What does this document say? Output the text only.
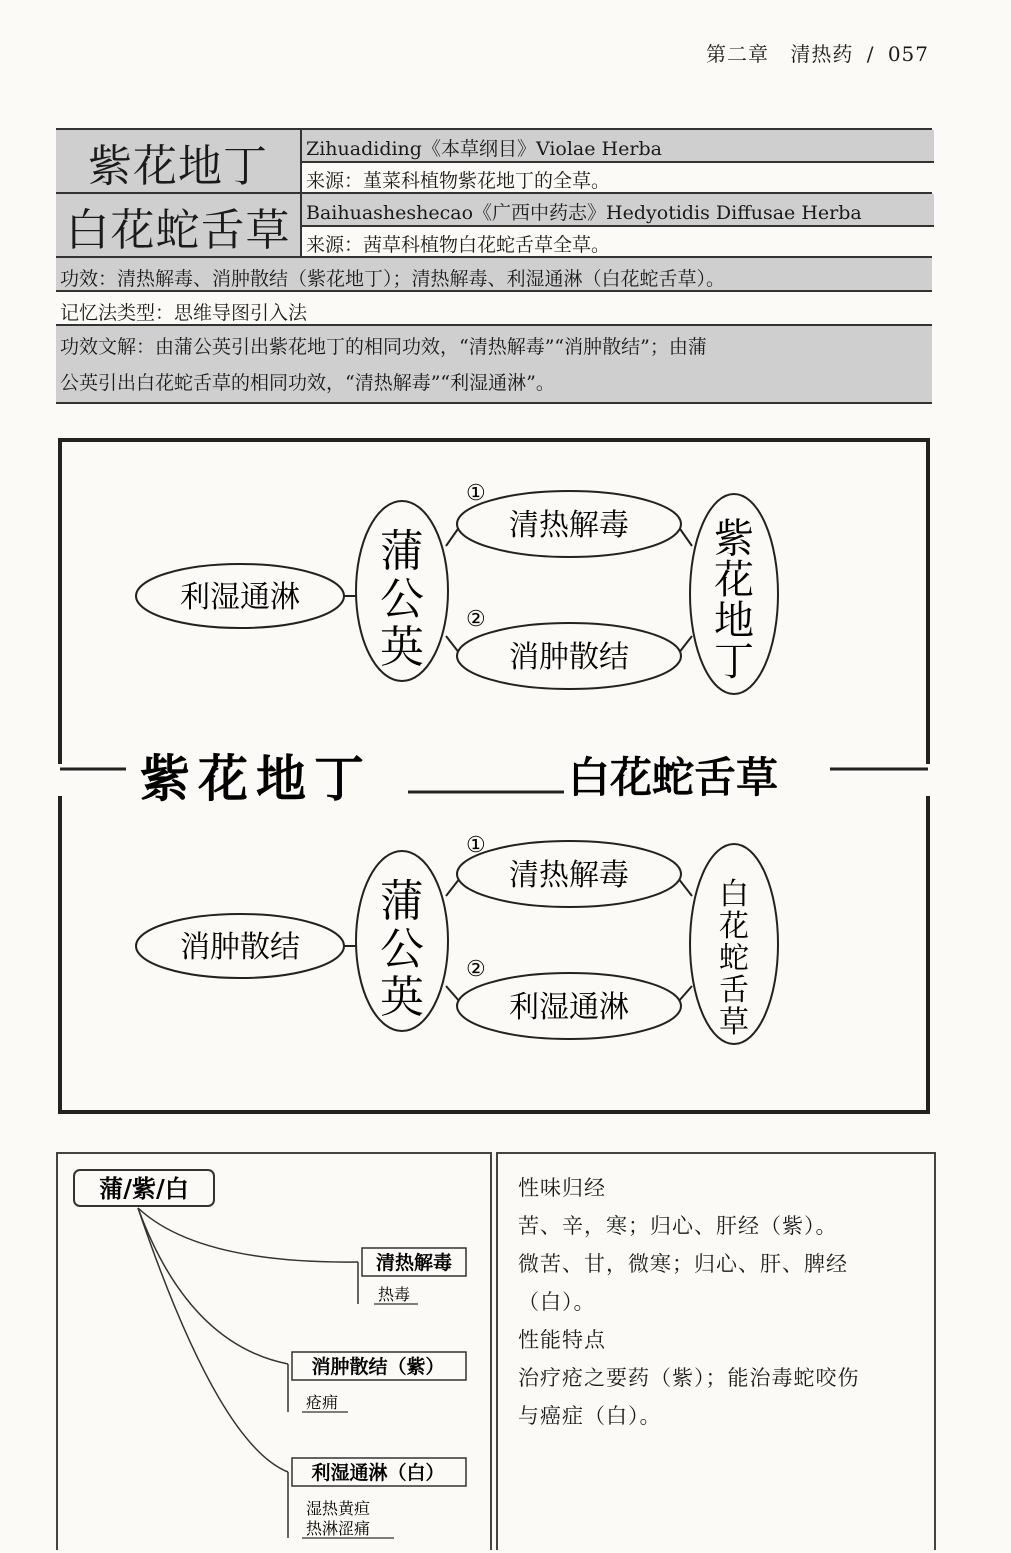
第二章 清热药 / 057
紫花地丁	Zihuadiding《本草纲目》Violae Herba
来源：堇菜科植物紫花地丁的全草。
白花蛇舌草 Baihuasheshecao《广西中药志》Hedyotidis Diffusae Herba
来源：茜草科植物白花蛇舌草全草。
功效：清热解毒、消肿散结（紫花地丁）；清热解毒、利湿通淋（白花蛇舌草）。
记忆法类型：思维导图引入法
功效文解：由蒲公英引出紫花地丁的相同功效，“清热解毒”“消肿散结”；由蒲
公英引出白花蛇舌草的相同功效，“清热解毒”“利湿通淋”。
利湿通淋
蒲
公
英
①
清热解毒
②
消肿散结
紫
花
地
丁
紫花地丁	白花蛇舌草
消肿散结
蒲
公
英
①
清热解毒
②
利湿通淋
白
花
蛇
舌
草
蒲/紫/白
清热解毒
热毒
消肿散结（紫）
疮痈
利湿通淋（白）
湿热黄疸
热淋涩痛
性味归经
苦、辛，寒；归心、肝经（紫）。
微苦、甘，微寒；归心、肝、脾经
（白）。
性能特点
治疗疮之要药（紫）；能治毒蛇咬伤
与癌症（白）。
